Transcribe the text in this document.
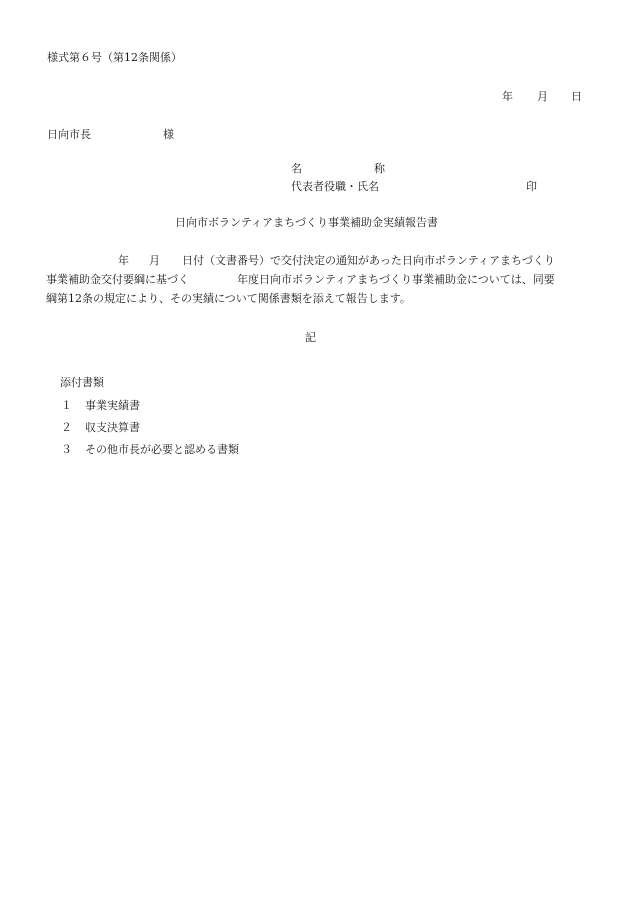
様式第６号（第12条関係）
年 月 日
日向市長	様
名	称
代表者役職・氏名	印
日向市ボランティアまちづくり事業補助金実績報告書
年 月 日付（文書番号）で交付決定の通知があった日向市ボランティアまちづくり
事業補助金交付要綱に基づく	年度日向市ボランティアまちづくり事業補助金については、同要
綱第12条の規定により、その実績について関係書類を添えて報告します。
記
添付書類
１ 事業実績書
２ 収支決算書
３ その他市長が必要と認める書類
